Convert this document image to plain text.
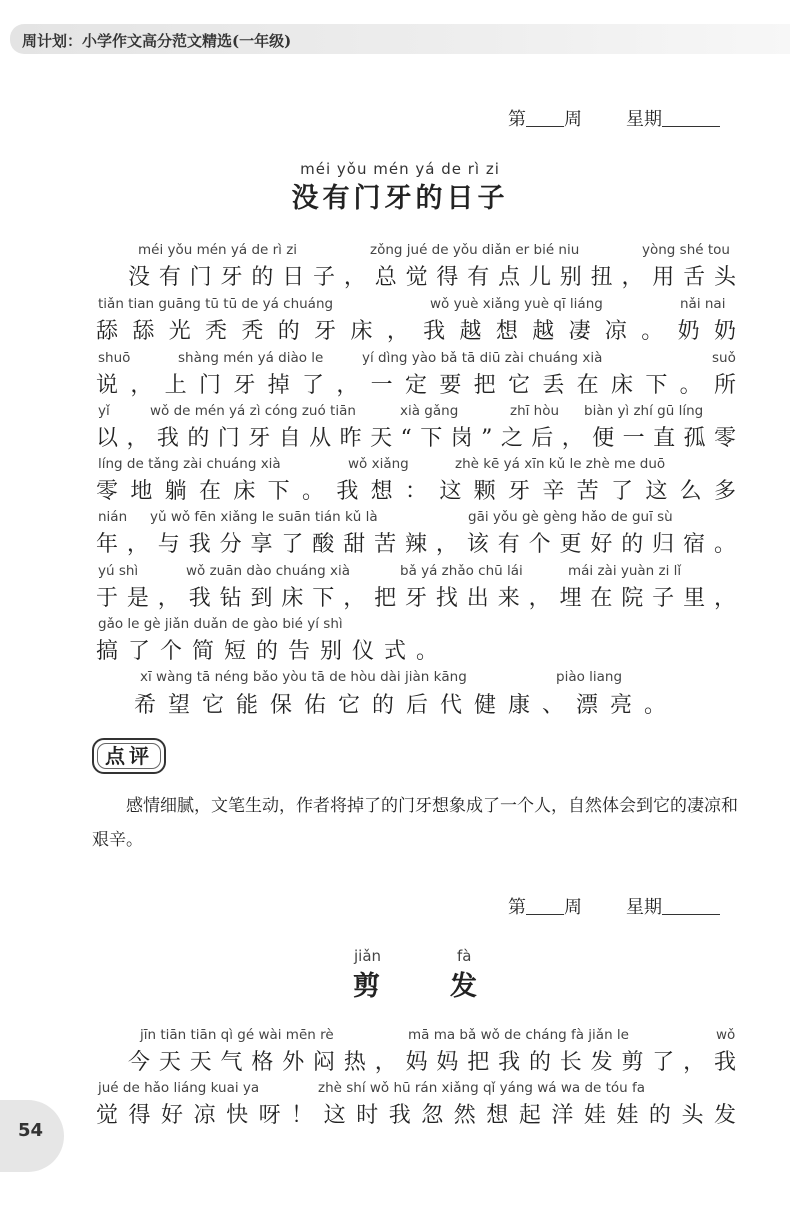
周计划：小学作文高分范文精选(一年级)
第 周 星期
méi yǒu mén yá de rì zi
没有门牙的日子
méi yǒu mén yá de rì zi	zǒng jué de yǒu diǎn er bié niu	yòng shé tou
没有门牙的日子，总觉得有点儿别扭，用舌头
tiǎn tian guāng tū tū de yá chuáng	wǒ yuè xiǎng yuè qī liáng	nǎi nai
舔舔光秃秃的牙床，我越想越凄凉。奶奶
shuō	shàng mén yá diào le	yí dìng yào bǎ tā diū zài chuáng xià	suǒ
说，上门牙掉了，一定要把它丢在床下。所
yǐ	wǒ de mén yá zì cóng zuó tiān	xià gǎng	zhī hòu biàn yì zhí gū líng
以，我的门牙自从昨天“下岗”之后，便一直孤零
líng de tǎng zài chuáng xià	wǒ xiǎng	zhè kē yá xīn kǔ le zhè me duō
零地躺在床下。我想：这颗牙辛苦了这么多
nián yǔ wǒ fēn xiǎng le suān tián kǔ là	gāi yǒu gè gèng hǎo de guī sù
年，与我分享了酸甜苦辣，该有个更好的归宿。
yú shì	wǒ zuān dào chuáng xià	bǎ yá zhǎo chū lái	mái zài yuàn zi lǐ
于是，我钻到床下，把牙找出来，埋在院子里，
gǎo le gè jiǎn duǎn de gào bié yí shì
搞了个简短的告别仪式。
xī wàng tā néng bǎo yòu tā de hòu dài jiàn kāng	piào liang
希望它能保佑它的后代健康、漂亮。
点评
感情细腻，文笔生动，作者将掉了的门牙想象成了一个人，自然体会到它的凄凉和艰辛。
第 周 星期
jiǎn	fà
剪	发
jīn tiān tiān qì gé wài mēn rè	mā ma bǎ wǒ de cháng fà jiǎn le	wǒ
今天天气格外闷热，妈妈把我的长发剪了，我
jué de hǎo liáng kuai ya	zhè shí wǒ hū rán xiǎng qǐ yáng wá wa de tóu fa
觉得好凉快呀！这时我忽然想起洋娃娃的头发
54
